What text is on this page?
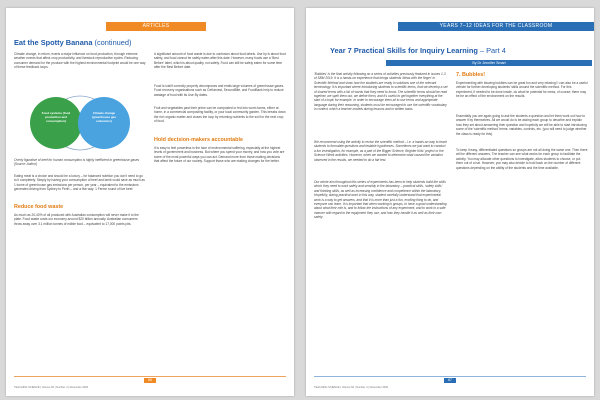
ARTICLES
Eat the Spotty Banana (continued)

Climate change, in return, exerts a major influence on food production, through extreme weather events that affect crop productivity, and livestock reproductive cycles. Reducing consumer demand for the produce with the highest environmental footprint would be one way of these feedback loops.

Food systems (food production and consumption)
Climate change (greenhouse gas emissions)

Overly figurative of beef for human consumption is highly inefficient in greenhouse gases [Source: Author]

Eating meat is a choice and should be a luxury – for balanced nutrition you don't need to go to it completely. Simply by having your consumption of beef and lamb could save as much as 1 tonne of greenhouse gas emissions per person, per year – equivalent to the emissions generated driving from Sydney to Perth – and a five way: 1 Ferme round of live beef.

Reduce food waste

As much as 20-40% of all produced with Australian consumption will never make it to the plate. Food waste costs our economy around $20 billion annually. Australian consumers throw away over 3.1 million tonnes of edible food – equivalent to 17,000 points pits.

A significant amount of food waste is due to confusion about food labels. Use by is about food safety, and food cannot be safely eaten after this date. However, many foods use a 'Best Before' label, which is about quality, not safety. Food can still be safely eaten for some time after the Best Before date.

Food is lost/if correctly properly decomposes and emits large volumes of greenhouse gases. Food recovery organisations such as OzHarvest, SecondBite, and FoodBank help to reduce wastage of food with its Use By dates.

Fruit and vegetables past their prime can be composted or fed into worm farms, either at home, in a commercial composting facility, or your local community garden. This breaks down the rich organic matter and closes the loop by returning nutrients to the soil for the next crop of food.

Hold decision-makers accountable

It is easy to feel powerless in the face of environmental suffering, especially at the highest levels of government and business. But where you spend your money, and how you vote are some of the most powerful ways you can act. Demand more from those making decisions that affect the future of our society. Support those who are making changes for the better.

66
TEACHING SCIENCE | Volume 66 | Number 4 | December 2020
YEARS 7–12 IDEAS FOR THE CLASSROOM
Year 7 Practical Skills for Inquiry Learning – Part 4
By Dr Jennifer Smart

'Bubbles' is the final activity following on a series of activities previously featured in issues 1-3 of SBM 2019. It is a hands-on experience that brings students 'ideas with the finger' in Scientific Method and show how the students are ready in solutions one of the relevant terminology. It is important where introducing students to scientific terms, that we develop a set of shared terms with a list of words that they need to know. The scientific terms should be read together, we spell them out, we define them, and it's useful to get together everything at the start of a topic for example. In order to encourage them all to use terms and appropriate language during their reasoning, students must be encouraged to use the scientific vocabulary in context, which a teacher models during lessons and in written tasks.

We recommend using the activity to revise the scientific method – i.e. a hands-on way to teach students to formulate questions and testable hypotheses. Sometimes we just want to conduct a fun investigation, for example, as a part of the Bigger Science, Brighter Kids' project or the Science Week activities. However, when we wanted to determine what caused the variation observed in the results, we needed to do a fair test.

Our whole aim throughout this series of experiments has been to help students build the skills which they need to work safely and sensibly in the laboratory – practical skills, 'safety skills' and thinking skills, as well as increasing confidence and competence within the laboratory. Hopefully, during practical work in this way, student carefully understand that experimental work is a way to get answers, and that it is more than just a fun, exciting thing to do, and everyone can learn. It is important that when working in groups, to have a good understanding about what their role is, and to follow the instructions of any experiment, and to work in a safe manner with regard to the equipment they use, and how they handle it as well as their own safety.

7. Bubbles!

Experimenting with blowing bubbles can be great fun and very relaxing! I can also be a useful vehicle for further developing students' skills around the scientific method. For this experiment, if needed to be done inside, do what he potential for mess, of course; there may be be an effect of the environment on the results.

Essentially you are again going to ask the students a question and let them work out how to answer it by themselves. All we would do is be asking each group to describe and explain how they set about answering their question and hopefully we will be able to start introducing some of the 'scientific method' terms: variables, controls, etc. (you will need to judge whether the class is ready for this).

To keep it easy, differentiated questions so groups are not all doing the same one. Then there will be different answers. The teacher can see what works for each group to facilitate the activity. You may allocate other questions to investigate, allow students to choose, or put them out of a hat. However, you may also decide to hold back on the number of different questions depending on the ability of the students and the time available.

67
TEACHING SCIENCE | Volume 66 | Number 4 | December 2020
